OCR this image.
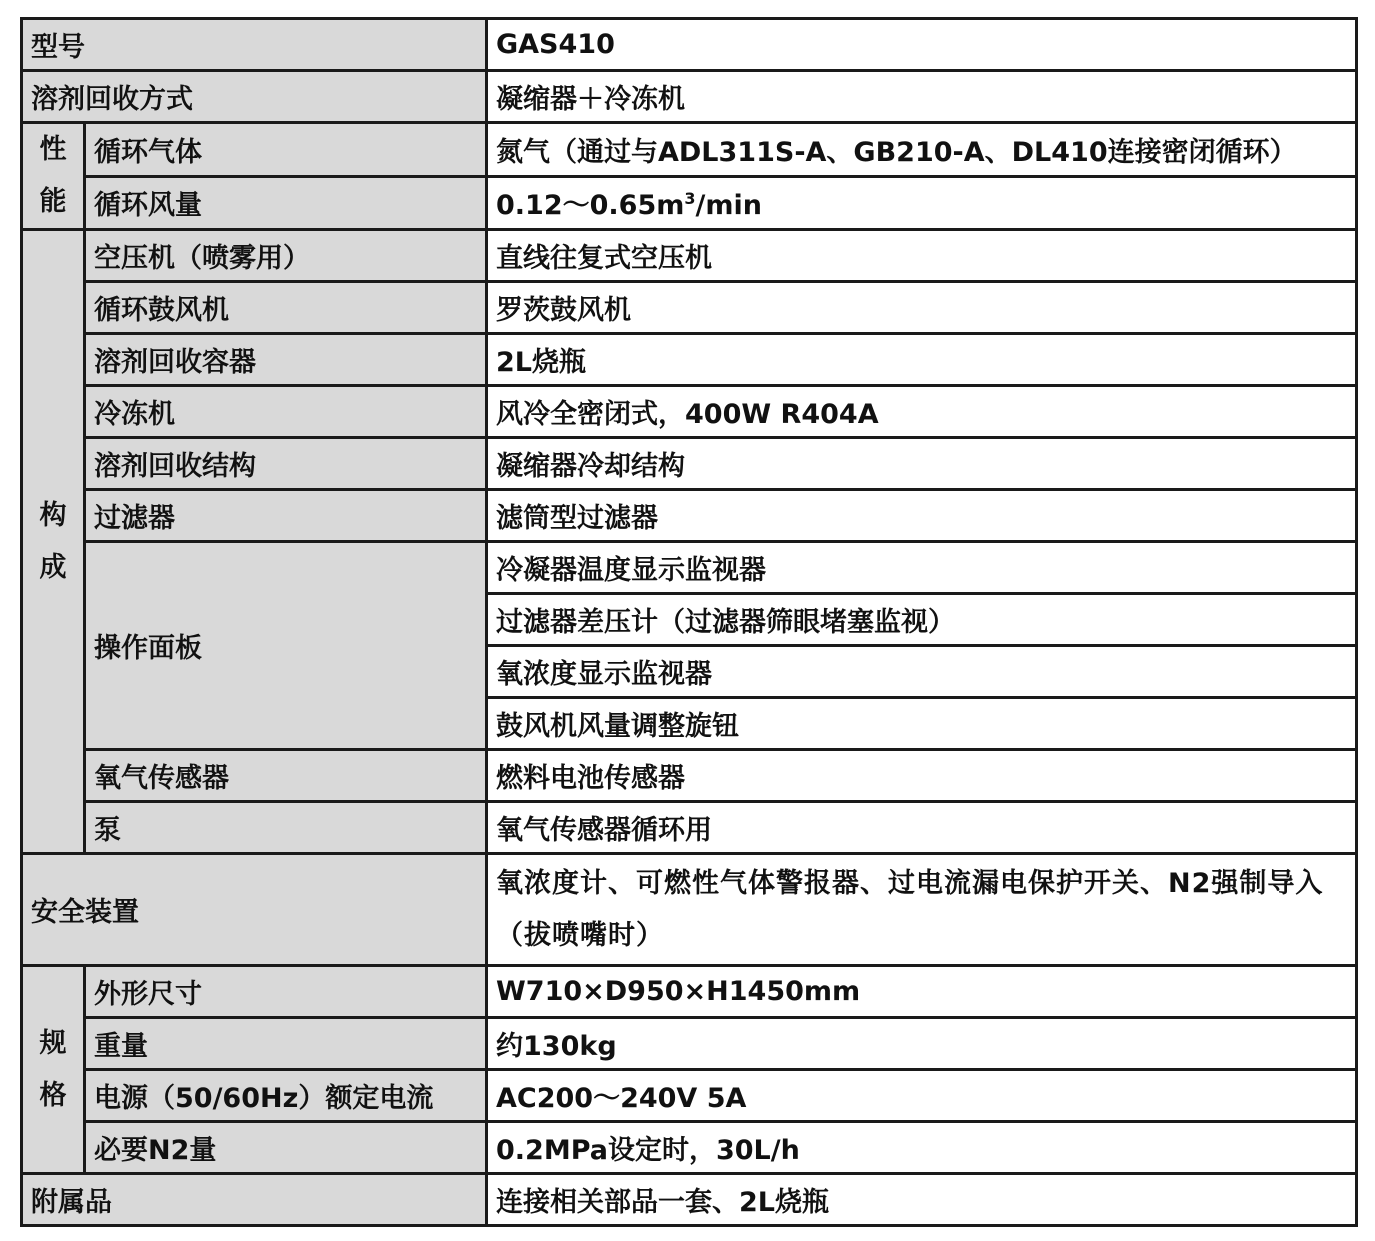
型号		GAS410
溶剂回收方式		凝缩器＋冷冻机
性能	循环气体	氮气（通过与ADL311S-A、GB210-A、DL410连接密闭循环）
	循环风量	$0.12\sim 0.65m^3/\min$
构成	空压机（喷雾用）	直线往复式空压机
	循环鼓风机	罗茨鼓风机
	溶剂回收容器	2L烧瓶
	冷冻机	风冷全密闭式，400W R404A
	溶剂回收结构	凝缩器冷却结构
	过滤器	滤筒型过滤器
	操作面板	冷凝器温度显示监视器
		过滤器差压计（过滤器筛眼堵塞监视）
		氧浓度显示监视器
		鼓风机风量调整旋钮
	氧气传感器	燃料电池传感器
	泵	氧气传感器循环用
安全装置		氧浓度计、可燃性气体警报器、过电流漏电保护开关、N2强制导入（拔喷嘴时）
规格	外形尺寸	W710×D950×H1450mm
	重量	约130kg
	电源（50/60Hz）额定电流	AC200～240V 5A
	必要N2量	0.2MPa设定时，30L/h
附属品		连接相关部品一套、2L烧瓶
